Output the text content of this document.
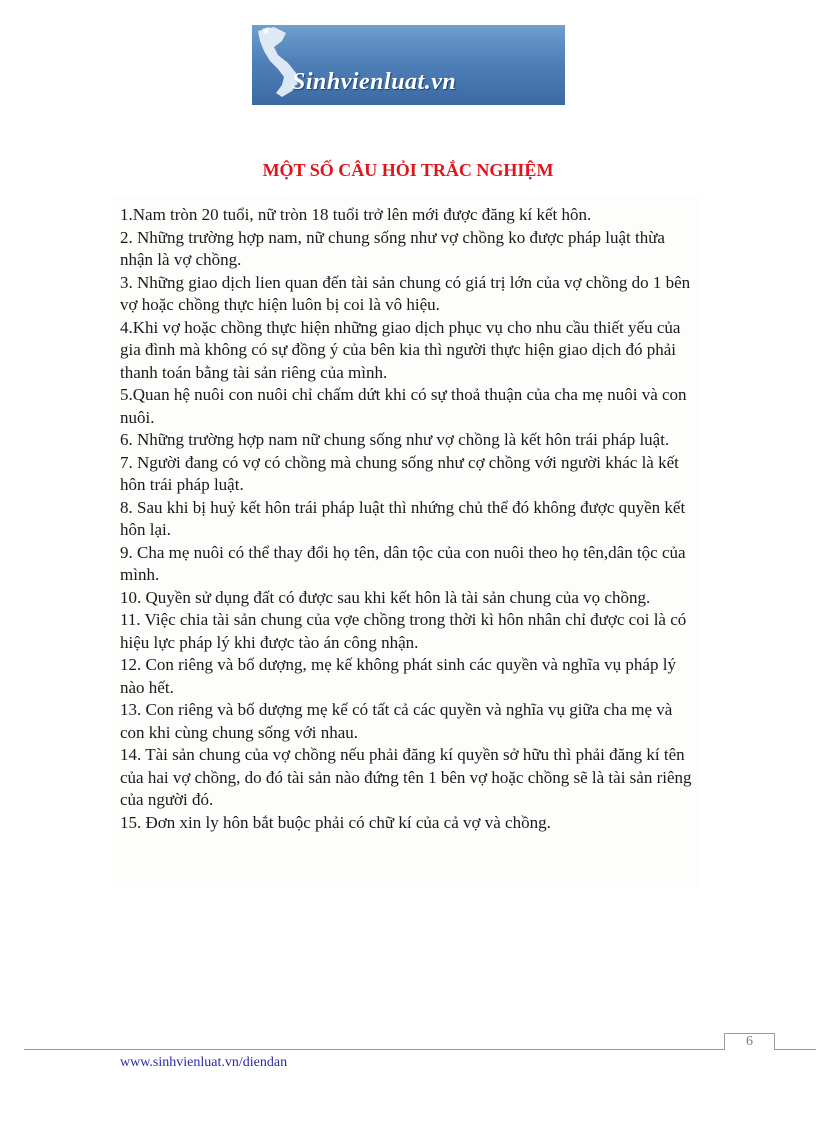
Sinhvienluat.vn
MỘT SỐ CÂU HỎI TRẮC NGHIỆM
1.Nam tròn 20 tuổi, nữ tròn 18 tuổi trở lên mới được đăng kí kết hôn.
2. Những trường hợp nam, nữ chung sống như vợ chồng ko được pháp luật thừa nhận là vợ chồng.
3. Những giao dịch lien quan đến tài sản chung có giá trị lớn của vợ chồng do 1 bên vợ hoặc chồng thực hiện luôn bị coi là vô hiệu.
4.Khi vợ hoặc chồng thực hiện những giao dịch phục vụ cho nhu cầu thiết yếu của gia đình mà không có sự đồng ý của bên kia thì người thực hiện giao dịch đó phải thanh toán bằng tài sản riêng của mình.
5.Quan hệ nuôi con nuôi chỉ chấm dứt khi có sự thoả thuận của cha mẹ nuôi và con nuôi.
6. Những trường hợp nam nữ chung sống như vợ chồng là kết hôn trái pháp luật.
7. Người đang có vợ có chồng mà chung sống như cợ chồng với người khác là kết hôn trái pháp luật.
8. Sau khi bị huỷ kết hôn trái pháp luật thì nhứng chủ thể đó không được quyền kết hôn lại.
9. Cha mẹ nuôi có thể thay đổi họ tên, dân tộc của con nuôi theo họ tên,dân tộc của mình.
10. Quyền sử dụng đất có được sau khi kết hôn là tài sản chung của vọ chồng.
11. Việc chia tài sản chung của vợe chồng trong thời kì hôn nhân chỉ được coi là có hiệu lực pháp lý khi được tào án công nhận.
12. Con riêng và bố dượng, mẹ kế không phát sinh các quyền và nghĩa vụ pháp lý nào hết.
13. Con riêng và bố dượng mẹ kế có tất cả các quyền và nghĩa vụ giữa cha mẹ và con khi cùng chung sống với nhau.
14. Tài sản chung của vợ chồng nếu phải đăng kí quyền sở hữu thì phải đăng kí tên của hai vợ chồng, do đó tài sản nào đứng tên 1 bên vợ hoặc chồng sẽ là tài sản riêng của người đó.
15. Đơn xin ly hôn bắt buộc phải có chữ kí của cả vợ và chồng.
6
www.sinhvienluat.vn/diendan
